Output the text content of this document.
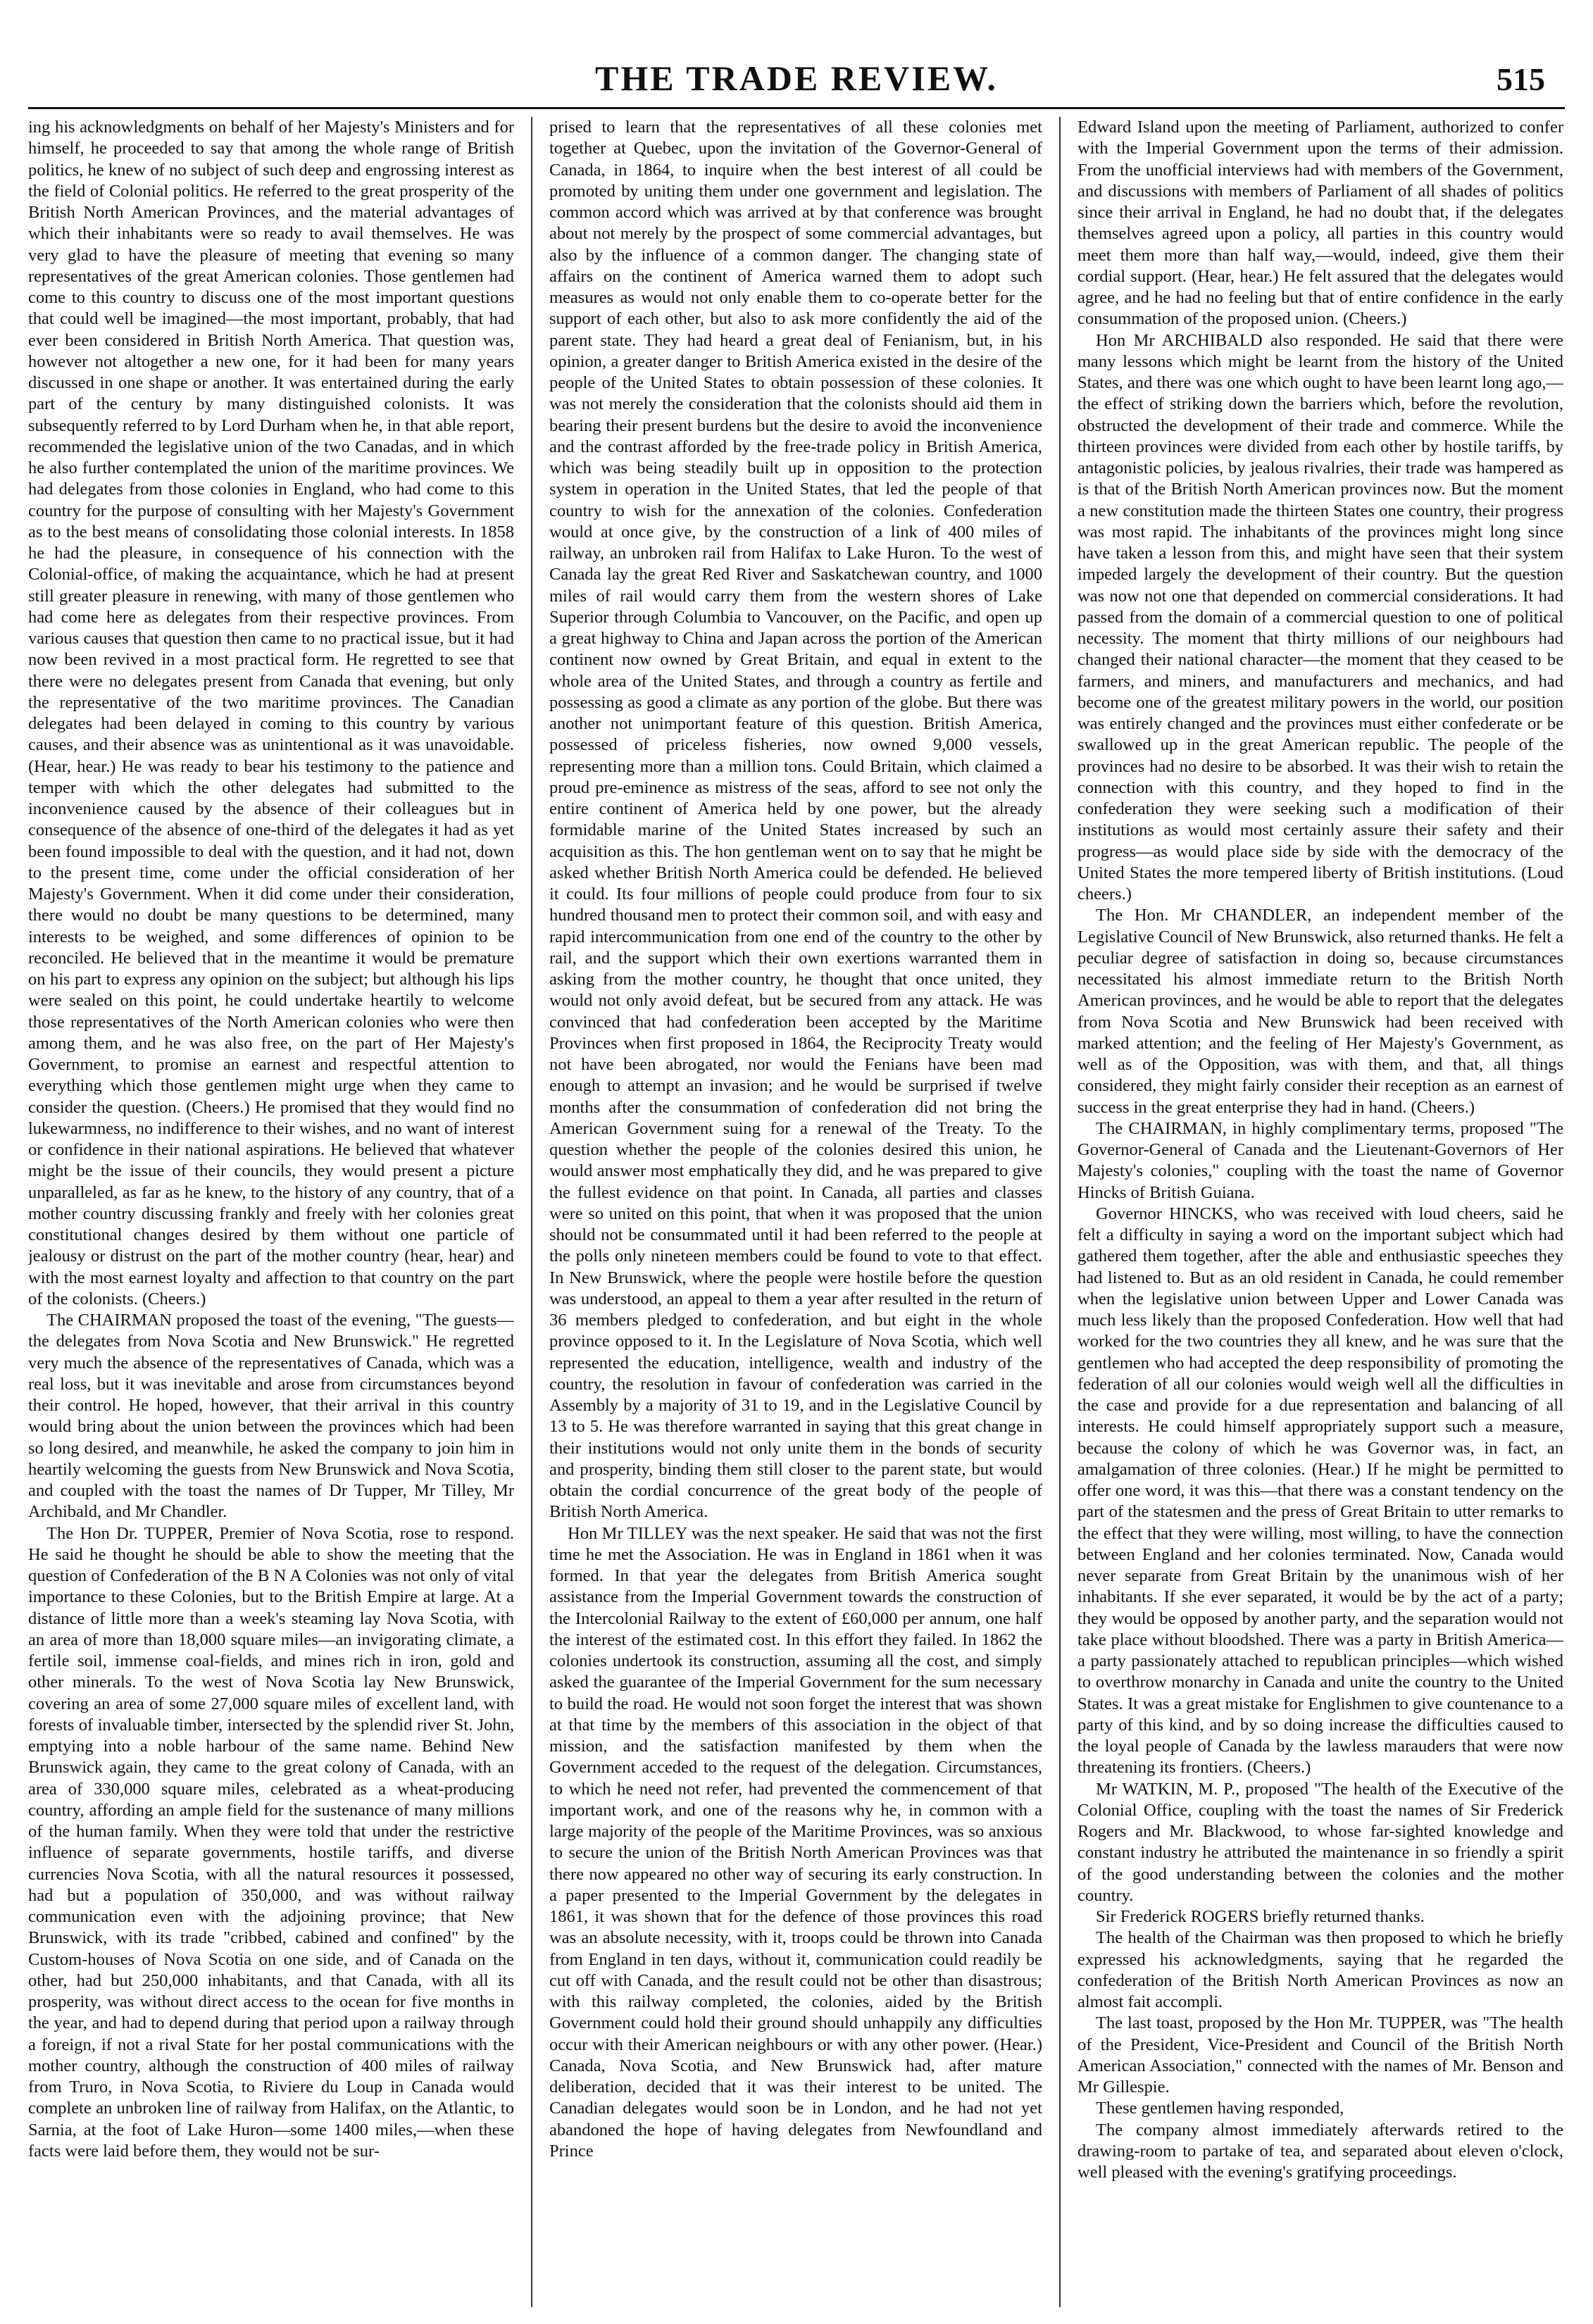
THE TRADE REVIEW.	515

ing his acknowledgments on behalf of her Majesty's Ministers and for himself, he proceeded to say that among the whole range of British politics, he knew of no subject of such deep and engrossing interest as the field of Colonial politics. He referred to the great prosperity of the British North American Provinces, and the material advantages of which their inhabitants were so ready to avail themselves. He was very glad to have the pleasure of meeting that evening so many representatives of the great American colonies. Those gentlemen had come to this country to discuss one of the most important questions that could well be imagined—the most important, probably, that had ever been considered in British North America. That question was, however not altogether a new one, for it had been for many years discussed in one shape or another. It was entertained during the early part of the century by many distinguished colonists. It was subsequently referred to by Lord Durham when he, in that able report, recommended the legislative union of the two Canadas, and in which he also further contemplated the union of the maritime provinces. We had delegates from those colonies in England, who had come to this country for the purpose of consulting with her Majesty's Government as to the best means of consolidating those colonial interests. In 1858 he had the pleasure, in consequence of his connection with the Colonial-office, of making the acquaintance, which he had at present still greater pleasure in renewing, with many of those gentlemen who had come here as delegates from their respective provinces. From various causes that question then came to no practical issue, but it had now been revived in a most practical form. He regretted to see that there were no delegates present from Canada that evening, but only the representative of the two maritime provinces. The Canadian delegates had been delayed in coming to this country by various causes, and their absence was as unintentional as it was unavoidable. (Hear, hear.) He was ready to bear his testimony to the patience and temper with which the other delegates had submitted to the inconvenience caused by the absence of their colleagues but in consequence of the absence of one-third of the delegates it had as yet been found impossible to deal with the question, and it had not, down to the present time, come under the official consideration of her Majesty's Government. When it did come under their consideration, there would no doubt be many questions to be determined, many interests to be weighed, and some differences of opinion to be reconciled. He believed that in the meantime it would be premature on his part to express any opinion on the subject; but although his lips were sealed on this point, he could undertake heartily to welcome those representatives of the North American colonies who were then among them, and he was also free, on the part of Her Majesty's Government, to promise an earnest and respectful attention to everything which those gentlemen might urge when they came to consider the question. (Cheers.) He promised that they would find no lukewarmness, no indifference to their wishes, and no want of interest or confidence in their national aspirations. He believed that whatever might be the issue of their councils, they would present a picture unparalleled, as far as he knew, to the history of any country, that of a mother country discussing frankly and freely with her colonies great constitutional changes desired by them without one particle of jealousy or distrust on the part of the mother country (hear, hear) and with the most earnest loyalty and affection to that country on the part of the colonists. (Cheers.)

The CHAIRMAN proposed the toast of the evening, "The guests—the delegates from Nova Scotia and New Brunswick." He regretted very much the absence of the representatives of Canada, which was a real loss, but it was inevitable and arose from circumstances beyond their control. He hoped, however, that their arrival in this country would bring about the union between the provinces which had been so long desired, and meanwhile, he asked the company to join him in heartily welcoming the guests from New Brunswick and Nova Scotia, and coupled with the toast the names of Dr Tupper, Mr Tilley, Mr Archibald, and Mr Chandler.

The Hon Dr. TUPPER, Premier of Nova Scotia, rose to respond. He said he thought he should be able to show the meeting that the question of Confederation of the B N A Colonies was not only of vital importance to these Colonies, but to the British Empire at large. At a distance of little more than a week's steaming lay Nova Scotia, with an area of more than 18,000 square miles—an invigorating climate, a fertile soil, immense coal-fields, and mines rich in iron, gold and other minerals. To the west of Nova Scotia lay New Brunswick, covering an area of some 27,000 square miles of excellent land, with forests of invaluable timber, intersected by the splendid river St. John, emptying into a noble harbour of the same name. Behind New Brunswick again, they came to the great colony of Canada, with an area of 330,000 square miles, celebrated as a wheat-producing country, affording an ample field for the sustenance of many millions of the human family. When they were told that under the restrictive influence of separate governments, hostile tariffs, and diverse currencies Nova Scotia, with all the natural resources it possessed, had but a population of 350,000, and was without railway communication even with the adjoining province; that New Brunswick, with its trade "cribbed, cabined and confined" by the Custom-houses of Nova Scotia on one side, and of Canada on the other, had but 250,000 inhabitants, and that Canada, with all its prosperity, was without direct access to the ocean for five months in the year, and had to depend during that period upon a railway through a foreign, if not a rival State for her postal communications with the mother country, although the construction of 400 miles of railway from Truro, in Nova Scotia, to Riviere du Loup in Canada would complete an unbroken line of railway from Halifax, on the Atlantic, to Sarnia, at the foot of Lake Huron—some 1400 miles,—when these facts were laid before them, they would not be sur-

prised to learn that the representatives of all these colonies met together at Quebec, upon the invitation of the Governor-General of Canada, in 1864, to inquire when the best interest of all could be promoted by uniting them under one government and legislation. The common accord which was arrived at by that conference was brought about not merely by the prospect of some commercial advantages, but also by the influence of a common danger. The changing state of affairs on the continent of America warned them to adopt such measures as would not only enable them to co-operate better for the support of each other, but also to ask more confidently the aid of the parent state. They had heard a great deal of Fenianism, but, in his opinion, a greater danger to British America existed in the desire of the people of the United States to obtain possession of these colonies. It was not merely the consideration that the colonists should aid them in bearing their present burdens but the desire to avoid the inconvenience and the contrast afforded by the free-trade policy in British America, which was being steadily built up in opposition to the protection system in operation in the United States, that led the people of that country to wish for the annexation of the colonies. Confederation would at once give, by the construction of a link of 400 miles of railway, an unbroken rail from Halifax to Lake Huron. To the west of Canada lay the great Red River and Saskatchewan country, and 1000 miles of rail would carry them from the western shores of Lake Superior through Columbia to Vancouver, on the Pacific, and open up a great highway to China and Japan across the portion of the American continent now owned by Great Britain, and equal in extent to the whole area of the United States, and through a country as fertile and possessing as good a climate as any portion of the globe. But there was another not unimportant feature of this question. British America, possessed of priceless fisheries, now owned 9,000 vessels, representing more than a million tons. Could Britain, which claimed a proud pre-eminence as mistress of the seas, afford to see not only the entire continent of America held by one power, but the already formidable marine of the United States increased by such an acquisition as this. The hon gentleman went on to say that he might be asked whether British North America could be defended. He believed it could. Its four millions of people could produce from four to six hundred thousand men to protect their common soil, and with easy and rapid intercommunication from one end of the country to the other by rail, and the support which their own exertions warranted them in asking from the mother country, he thought that once united, they would not only avoid defeat, but be secured from any attack. He was convinced that had confederation been accepted by the Maritime Provinces when first proposed in 1864, the Reciprocity Treaty would not have been abrogated, nor would the Fenians have been mad enough to attempt an invasion; and he would be surprised if twelve months after the consummation of confederation did not bring the American Government suing for a renewal of the Treaty. To the question whether the people of the colonies desired this union, he would answer most emphatically they did, and he was prepared to give the fullest evidence on that point. In Canada, all parties and classes were so united on this point, that when it was proposed that the union should not be consummated until it had been referred to the people at the polls only nineteen members could be found to vote to that effect. In New Brunswick, where the people were hostile before the question was understood, an appeal to them a year after resulted in the return of 36 members pledged to confederation, and but eight in the whole province opposed to it. In the Legislature of Nova Scotia, which well represented the education, intelligence, wealth and industry of the country, the resolution in favour of confederation was carried in the Assembly by a majority of 31 to 19, and in the Legislative Council by 13 to 5. He was therefore warranted in saying that this great change in their institutions would not only unite them in the bonds of security and prosperity, binding them still closer to the parent state, but would obtain the cordial concurrence of the great body of the people of British North America.

Hon Mr TILLEY was the next speaker. He said that was not the first time he met the Association. He was in England in 1861 when it was formed. In that year the delegates from British America sought assistance from the Imperial Government towards the construction of the Intercolonial Railway to the extent of £60,000 per annum, one half the interest of the estimated cost. In this effort they failed. In 1862 the colonies undertook its construction, assuming all the cost, and simply asked the guarantee of the Imperial Government for the sum necessary to build the road. He would not soon forget the interest that was shown at that time by the members of this association in the object of that mission, and the satisfaction manifested by them when the Government acceded to the request of the delegation. Circumstances, to which he need not refer, had prevented the commencement of that important work, and one of the reasons why he, in common with a large majority of the people of the Maritime Provinces, was so anxious to secure the union of the British North American Provinces was that there now appeared no other way of securing its early construction. In a paper presented to the Imperial Government by the delegates in 1861, it was shown that for the defence of those provinces this road was an absolute necessity, with it, troops could be thrown into Canada from England in ten days, without it, communication could readily be cut off with Canada, and the result could not be other than disastrous; with this railway completed, the colonies, aided by the British Government could hold their ground should unhappily any difficulties occur with their American neighbours or with any other power. (Hear.) Canada, Nova Scotia, and New Brunswick had, after mature deliberation, decided that it was their interest to be united. The Canadian delegates would soon be in London, and he had not yet abandoned the hope of having delegates from Newfoundland and Prince

Edward Island upon the meeting of Parliament, authorized to confer with the Imperial Government upon the terms of their admission. From the unofficial interviews had with members of the Government, and discussions with members of Parliament of all shades of politics since their arrival in England, he had no doubt that, if the delegates themselves agreed upon a policy, all parties in this country would meet them more than half way,—would, indeed, give them their cordial support. (Hear, hear.) He felt assured that the delegates would agree, and he had no feeling but that of entire confidence in the early consummation of the proposed union. (Cheers.)

Hon Mr ARCHIBALD also responded. He said that there were many lessons which might be learnt from the history of the United States, and there was one which ought to have been learnt long ago,—the effect of striking down the barriers which, before the revolution, obstructed the development of their trade and commerce. While the thirteen provinces were divided from each other by hostile tariffs, by antagonistic policies, by jealous rivalries, their trade was hampered as is that of the British North American provinces now. But the moment a new constitution made the thirteen States one country, their progress was most rapid. The inhabitants of the provinces might long since have taken a lesson from this, and might have seen that their system impeded largely the development of their country. But the question was now not one that depended on commercial considerations. It had passed from the domain of a commercial question to one of political necessity. The moment that thirty millions of our neighbours had changed their national character—the moment that they ceased to be farmers, and miners, and manufacturers and mechanics, and had become one of the greatest military powers in the world, our position was entirely changed and the provinces must either confederate or be swallowed up in the great American republic. The people of the provinces had no desire to be absorbed. It was their wish to retain the connection with this country, and they hoped to find in the confederation they were seeking such a modification of their institutions as would most certainly assure their safety and their progress—as would place side by side with the democracy of the United States the more tempered liberty of British institutions. (Loud cheers.)

The Hon. Mr CHANDLER, an independent member of the Legislative Council of New Brunswick, also returned thanks. He felt a peculiar degree of satisfaction in doing so, because circumstances necessitated his almost immediate return to the British North American provinces, and he would be able to report that the delegates from Nova Scotia and New Brunswick had been received with marked attention; and the feeling of Her Majesty's Government, as well as of the Opposition, was with them, and that, all things considered, they might fairly consider their reception as an earnest of success in the great enterprise they had in hand. (Cheers.)

The CHAIRMAN, in highly complimentary terms, proposed "The Governor-General of Canada and the Lieutenant-Governors of Her Majesty's colonies," coupling with the toast the name of Governor Hincks of British Guiana.

Governor HINCKS, who was received with loud cheers, said he felt a difficulty in saying a word on the important subject which had gathered them together, after the able and enthusiastic speeches they had listened to. But as an old resident in Canada, he could remember when the legislative union between Upper and Lower Canada was much less likely than the proposed Confederation. How well that had worked for the two countries they all knew, and he was sure that the gentlemen who had accepted the deep responsibility of promoting the federation of all our colonies would weigh well all the difficulties in the case and provide for a due representation and balancing of all interests. He could himself appropriately support such a measure, because the colony of which he was Governor was, in fact, an amalgamation of three colonies. (Hear.) If he might be permitted to offer one word, it was this—that there was a constant tendency on the part of the statesmen and the press of Great Britain to utter remarks to the effect that they were willing, most willing, to have the connection between England and her colonies terminated. Now, Canada would never separate from Great Britain by the unanimous wish of her inhabitants. If she ever separated, it would be by the act of a party; they would be opposed by another party, and the separation would not take place without bloodshed. There was a party in British America—a party passionately attached to republican principles—which wished to overthrow monarchy in Canada and unite the country to the United States. It was a great mistake for Englishmen to give countenance to a party of this kind, and by so doing increase the difficulties caused to the loyal people of Canada by the lawless marauders that were now threatening its frontiers. (Cheers.)

Mr WATKIN, M. P., proposed "The health of the Executive of the Colonial Office, coupling with the toast the names of Sir Frederick Rogers and Mr. Blackwood, to whose far-sighted knowledge and constant industry he attributed the maintenance in so friendly a spirit of the good understanding between the colonies and the mother country.

Sir Frederick ROGERS briefly returned thanks.

The health of the Chairman was then proposed to which he briefly expressed his acknowledgments, saying that he regarded the confederation of the British North American Provinces as now an almost fait accompli.

The last toast, proposed by the Hon Mr. TUPPER, was "The health of the President, Vice-President and Council of the British North American Association," connected with the names of Mr. Benson and Mr Gillespie.

These gentlemen having responded,

The company almost immediately afterwards retired to the drawing-room to partake of tea, and separated about eleven o'clock, well pleased with the evening's gratifying proceedings.
